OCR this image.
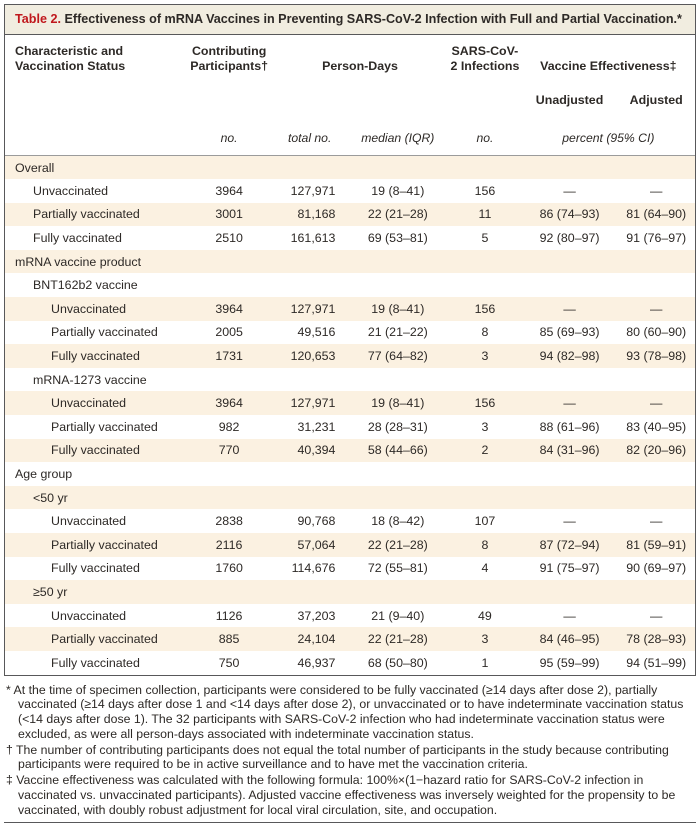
Table 2. Effectiveness of mRNA Vaccines in Preventing SARS-CoV-2 Infection with Full and Partial Vaccination.*
Characteristic and Vaccination Status	Contributing Participants†	Person-Days		SARS-CoV-2 Infections	Vaccine Effectiveness‡	
					Unadjusted	Adjusted
	no.	total no.	median (IQR)	no.	percent (95% CI)	
Overall						
Unvaccinated	3964	127,971	19 (8–41)	156	—	—
Partially vaccinated	3001	81,168	22 (21–28)	11	86 (74–93)	81 (64–90)
Fully vaccinated	2510	161,613	69 (53–81)	5	92 (80–97)	91 (76–97)
mRNA vaccine product						
BNT162b2 vaccine						
Unvaccinated	3964	127,971	19 (8–41)	156	—	—
Partially vaccinated	2005	49,516	21 (21–22)	8	85 (69–93)	80 (60–90)
Fully vaccinated	1731	120,653	77 (64–82)	3	94 (82–98)	93 (78–98)
mRNA-1273 vaccine						
Unvaccinated	3964	127,971	19 (8–41)	156	—	—
Partially vaccinated	982	31,231	28 (28–31)	3	88 (61–96)	83 (40–95)
Fully vaccinated	770	40,394	58 (44–66)	2	84 (31–96)	82 (20–96)
Age group						
<50 yr						
Unvaccinated	2838	90,768	18 (8–42)	107	—	—
Partially vaccinated	2116	57,064	22 (21–28)	8	87 (72–94)	81 (59–91)
Fully vaccinated	1760	114,676	72 (55–81)	4	91 (75–97)	90 (69–97)
≥50 yr						
Unvaccinated	1126	37,203	21 (9–40)	49	—	—
Partially vaccinated	885	24,104	22 (21–28)	3	84 (46–95)	78 (28–93)
Fully vaccinated	750	46,937	68 (50–80)	1	95 (59–99)	94 (51–99)

* At the time of specimen collection, participants were considered to be fully vaccinated (≥14 days after dose 2), partially vaccinated (≥14 days after dose 1 and <14 days after dose 2), or unvaccinated or to have indeterminate vaccination status (<14 days after dose 1). The 32 participants with SARS-CoV-2 infection who had indeterminate vaccination status were excluded, as were all person-days associated with indeterminate vaccination status.

† The number of contributing participants does not equal the total number of participants in the study because contributing participants were required to be in active surveillance and to have met the vaccination criteria.

‡ Vaccine effectiveness was calculated with the following formula: 100%×(1−hazard ratio for SARS-CoV-2 infection in vaccinated vs. unvaccinated participants). Adjusted vaccine effectiveness was inversely weighted for the propensity to be vaccinated, with doubly robust adjustment for local viral circulation, site, and occupation.
